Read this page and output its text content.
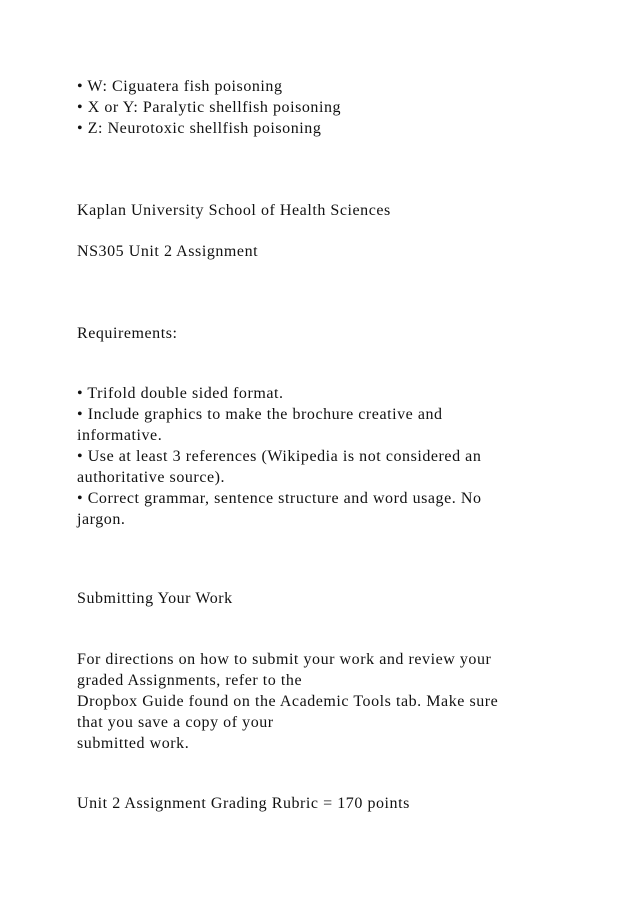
• W: Ciguatera fish poisoning
• X or Y: Paralytic shellfish poisoning
• Z: Neurotoxic shellfish poisoning
Kaplan University School of Health Sciences
NS305 Unit 2 Assignment
Requirements:
• Trifold double sided format.
• Include graphics to make the brochure creative and
informative.
• Use at least 3 references (Wikipedia is not considered an
authoritative source).
• Correct grammar, sentence structure and word usage. No
jargon.
Submitting Your Work
For directions on how to submit your work and review your
graded Assignments, refer to the
Dropbox Guide found on the Academic Tools tab. Make sure
that you save a copy of your
submitted work.
Unit 2 Assignment Grading Rubric = 170 points
